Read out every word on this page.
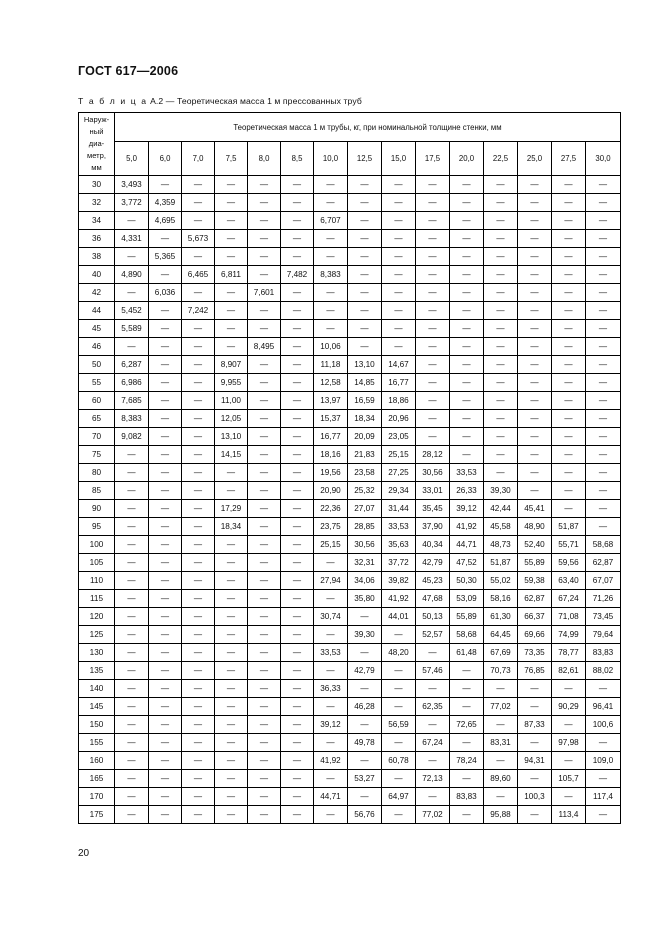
ГОСТ 617—2006
Т а б л и ц а А.2 — Теоретическая масса 1 м прессованных труб
Наруж-
ный
диа-
метр,
мм	Теоретическая масса 1 м трубы, кг, при номинальной толщине стенки, мм														
	5,0	6,0	7,0	7,5	8,0	8,5	10,0	12,5	15,0	17,5	20,0	22,5	25,0	27,5	30,0
30	3,493	—	—	—	—	—	—	—	—	—	—	—	—	—	—
32	3,772	4,359	—	—	—	—	—	—	—	—	—	—	—	—	—
34	—	4,695	—	—	—	—	6,707	—	—	—	—	—	—	—	—
36	4,331	—	5,673	—	—	—	—	—	—	—	—	—	—	—	—
38	—	5,365	—	—	—	—	—	—	—	—	—	—	—	—	—
40	4,890	—	6,465	6,811	—	7,482	8,383	—	—	—	—	—	—	—	—
42	—	6,036	—	—	7,601	—	—	—	—	—	—	—	—	—	—
44	5,452	—	7,242	—	—	—	—	—	—	—	—	—	—	—	—
45	5,589	—	—	—	—	—	—	—	—	—	—	—	—	—	—
46	—	—	—	—	8,495	—	10,06	—	—	—	—	—	—	—	—
50	6,287	—	—	8,907	—	—	11,18	13,10	14,67	—	—	—	—	—	—
55	6,986	—	—	9,955	—	—	12,58	14,85	16,77	—	—	—	—	—	—
60	7,685	—	—	11,00	—	—	13,97	16,59	18,86	—	—	—	—	—	—
65	8,383	—	—	12,05	—	—	15,37	18,34	20,96	—	—	—	—	—	—
70	9,082	—	—	13,10	—	—	16,77	20,09	23,05	—	—	—	—	—	—
75	—	—	—	14,15	—	—	18,16	21,83	25,15	28,12	—	—	—	—	—
80	—	—	—	—	—	—	19,56	23,58	27,25	30,56	33,53	—	—	—	—
85	—	—	—	—	—	—	20,90	25,32	29,34	33,01	26,33	39,30	—	—	—
90	—	—	—	17,29	—	—	22,36	27,07	31,44	35,45	39,12	42,44	45,41	—	—
95	—	—	—	18,34	—	—	23,75	28,85	33,53	37,90	41,92	45,58	48,90	51,87	—
100	—	—	—	—	—	—	25,15	30,56	35,63	40,34	44,71	48,73	52,40	55,71	58,68
105	—	—	—	—	—	—	—	32,31	37,72	42,79	47,52	51,87	55,89	59,56	62,87
110	—	—	—	—	—	—	27,94	34,06	39,82	45,23	50,30	55,02	59,38	63,40	67,07
115	—	—	—	—	—	—	—	35,80	41,92	47,68	53,09	58,16	62,87	67,24	71,26
120	—	—	—	—	—	—	30,74	—	44,01	50,13	55,89	61,30	66,37	71,08	73,45
125	—	—	—	—	—	—	—	39,30	—	52,57	58,68	64,45	69,66	74,99	79,64
130	—	—	—	—	—	—	33,53	—	48,20	—	61,48	67,69	73,35	78,77	83,83
135	—	—	—	—	—	—	—	42,79	—	57,46	—	70,73	76,85	82,61	88,02
140	—	—	—	—	—	—	36,33	—	—	—	—	—	—	—	—
145	—	—	—	—	—	—	—	46,28	—	62,35	—	77,02	—	90,29	96,41
150	—	—	—	—	—	—	39,12	—	56,59	—	72,65	—	87,33	—	100,6
155	—	—	—	—	—	—	—	49,78	—	67,24	—	83,31	—	97,98	—
160	—	—	—	—	—	—	41,92	—	60,78	—	78,24	—	94,31	—	109,0
165	—	—	—	—	—	—	—	53,27	—	72,13	—	89,60	—	105,7	—
170	—	—	—	—	—	—	44,71	—	64,97	—	83,83	—	100,3	—	117,4
175	—	—	—	—	—	—	—	56,76	—	77,02	—	95,88	—	113,4	—
20
